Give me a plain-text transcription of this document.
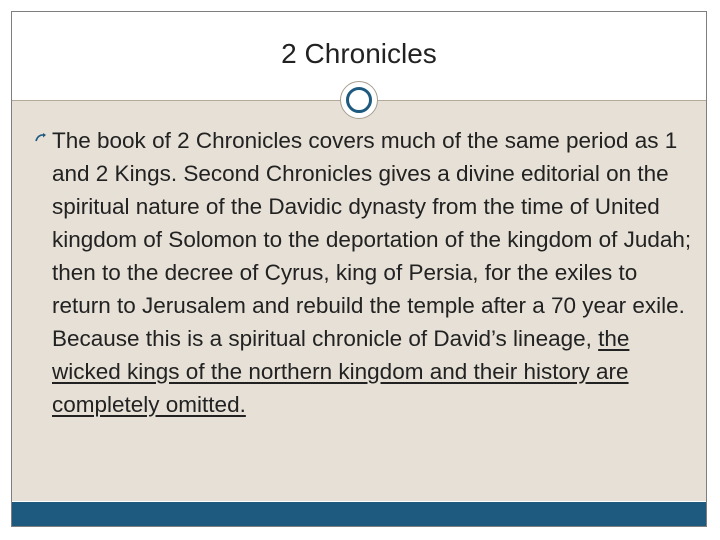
2 Chronicles
The book of 2 Chronicles covers much of the same period as 1 and 2 Kings. Second Chronicles gives a divine editorial on the spiritual nature of the Davidic dynasty from the time of United kingdom of Solomon to the deportation of the kingdom of Judah; then to the decree of Cyrus, king of Persia, for the exiles to return to Jerusalem and rebuild the temple after a 70 year exile. Because this is a spiritual chronicle of David’s lineage, the wicked kings of the northern kingdom and their history are completely omitted.
